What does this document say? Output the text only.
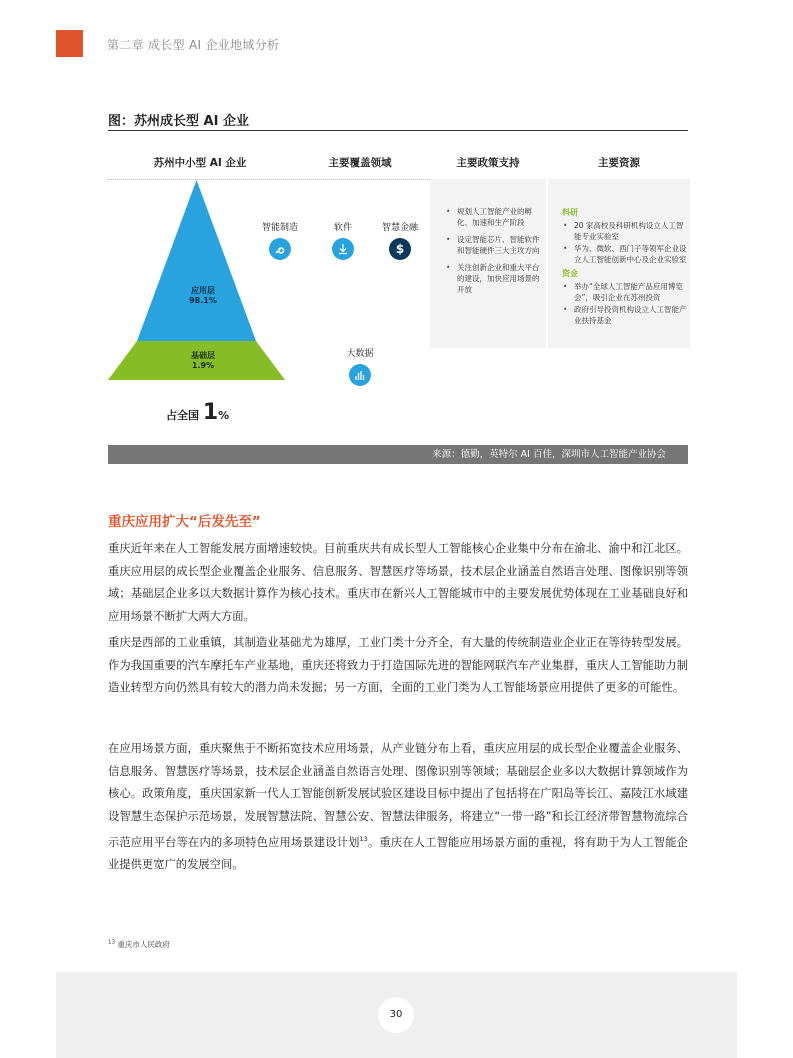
第二章 成长型 AI 企业地域分析
图：苏州成长型 AI 企业
苏州中小型 AI 企业	主要覆盖领域	主要政策支持	主要资源
应用层
98.1%
基础层
1.9%
占全国 1%
智能制造	软件	智慧金融
$
大数据
• 规划人工智能产业的孵化、加速和生产阶段
• 设定智能芯片、智能软件和智能硬件三大主攻方向
• 关注创新企业和重大平台的建设，加快应用场景的开放
科研
• 20 家高校及科研机构设立人工智能专业实验室
• 华为、微软、西门子等领军企业设立人工智能创新中心及企业实验室
资金
• 举办“全球人工智能产品应用博览会”，吸引企业在苏州投资
• 政府引导投资机构设立人工智能产业扶持基金
来源：德勤，英特尔 AI 百佳，深圳市人工智能产业协会
重庆应用扩大“后发先至”
重庆近年来在人工智能发展方面增速较快。目前重庆共有成长型人工智能核心企业集中分布在渝北、渝中和江北区。重庆应用层的成长型企业覆盖企业服务、信息服务、智慧医疗等场景，技术层企业涵盖自然语言处理、图像识别等领域；基础层企业多以大数据计算作为核心技术。重庆市在新兴人工智能城市中的主要发展优势体现在工业基础良好和应用场景不断扩大两大方面。
重庆是西部的工业重镇，其制造业基础尤为雄厚，工业门类十分齐全，有大量的传统制造业企业正在等待转型发展。作为我国重要的汽车摩托车产业基地，重庆还将致力于打造国际先进的智能网联汽车产业集群，重庆人工智能助力制造业转型方向仍然具有较大的潜力尚未发掘；另一方面，全面的工业门类为人工智能场景应用提供了更多的可能性。
在应用场景方面，重庆聚焦于不断拓宽技术应用场景，从产业链分布上看，重庆应用层的成长型企业覆盖企业服务、信息服务、智慧医疗等场景，技术层企业涵盖自然语言处理、图像识别等领域；基础层企业多以大数据计算领域作为核心。政策角度，重庆国家新一代人工智能创新发展试验区建设目标中提出了包括将在广阳岛等长江、嘉陵江水域建设智慧生态保护示范场景，发展智慧法院、智慧公安、智慧法律服务，将建立“一带一路”和长江经济带智慧物流综合示范应用平台等在内的多项特色应用场景建设计划$^{13}$。重庆在人工智能应用场景方面的重视，将有助于为人工智能企业提供更宽广的发展空间。
$^{13}$ 重庆市人民政府
30
